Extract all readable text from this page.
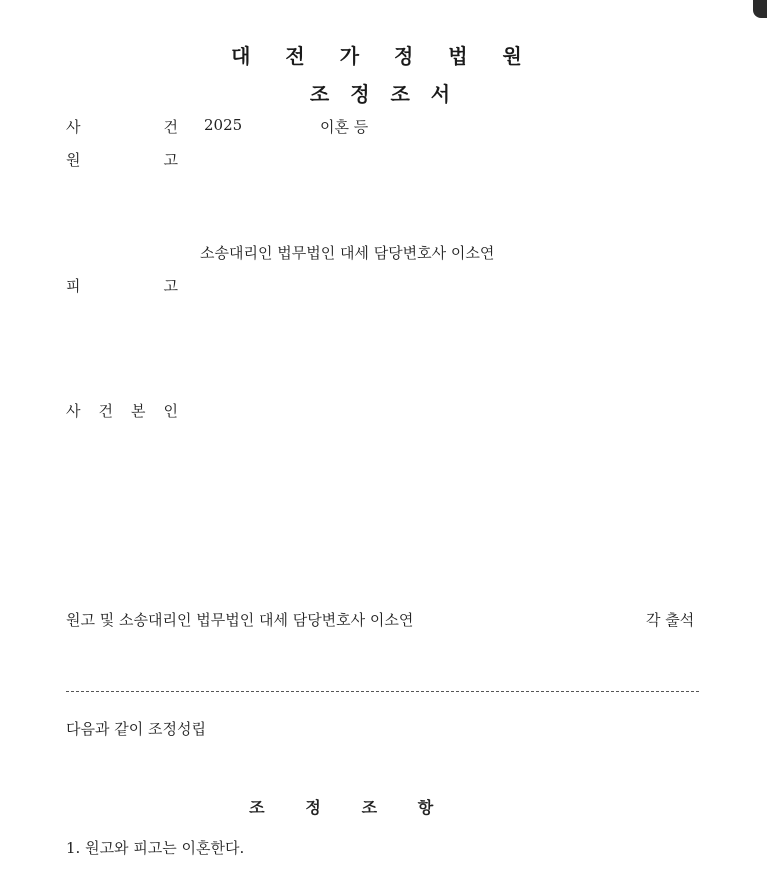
대 전 가 정 법 원
조 정 조 서
사 건 2025	이혼 등
원 고
소송대리인 법무법인 대세 담당변호사 이소연
피 고
사 건 본 인
원고 및 소송대리인 법무법인 대세 담당변호사 이소연	각 출석
다음과 같이 조정성립
조 정 조 항
1. 원고와 피고는 이혼한다.
